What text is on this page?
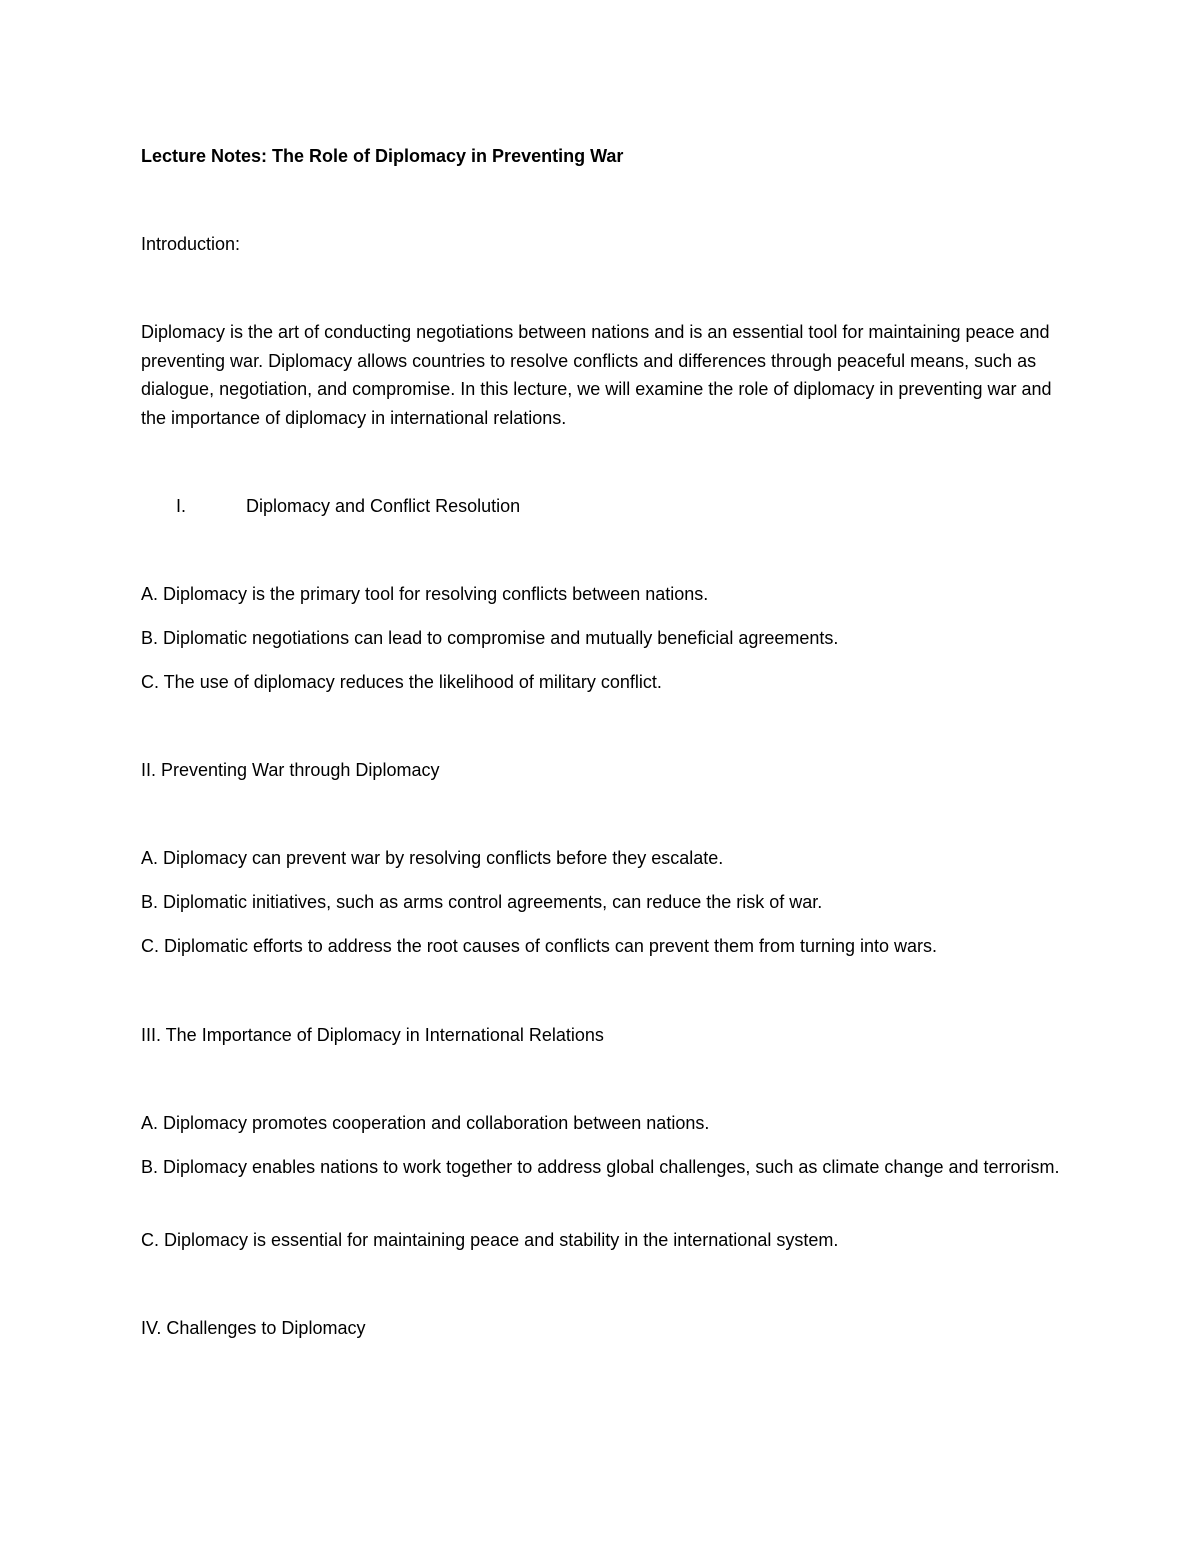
Lecture Notes: The Role of Diplomacy in Preventing War

Introduction:

Diplomacy is the art of conducting negotiations between nations and is an essential tool for maintaining peace and preventing war. Diplomacy allows countries to resolve conflicts and differences through peaceful means, such as dialogue, negotiation, and compromise. In this lecture, we will examine the role of diplomacy in preventing war and the importance of diplomacy in international relations.

I.	Diplomacy and Conflict Resolution

A. Diplomacy is the primary tool for resolving conflicts between nations.

B. Diplomatic negotiations can lead to compromise and mutually beneficial agreements.

C. The use of diplomacy reduces the likelihood of military conflict.

II. Preventing War through Diplomacy

A. Diplomacy can prevent war by resolving conflicts before they escalate.

B. Diplomatic initiatives, such as arms control agreements, can reduce the risk of war.

C. Diplomatic efforts to address the root causes of conflicts can prevent them from turning into wars.

III. The Importance of Diplomacy in International Relations

A. Diplomacy promotes cooperation and collaboration between nations.

B. Diplomacy enables nations to work together to address global challenges, such as climate change and terrorism.

C. Diplomacy is essential for maintaining peace and stability in the international system.

IV. Challenges to Diplomacy
